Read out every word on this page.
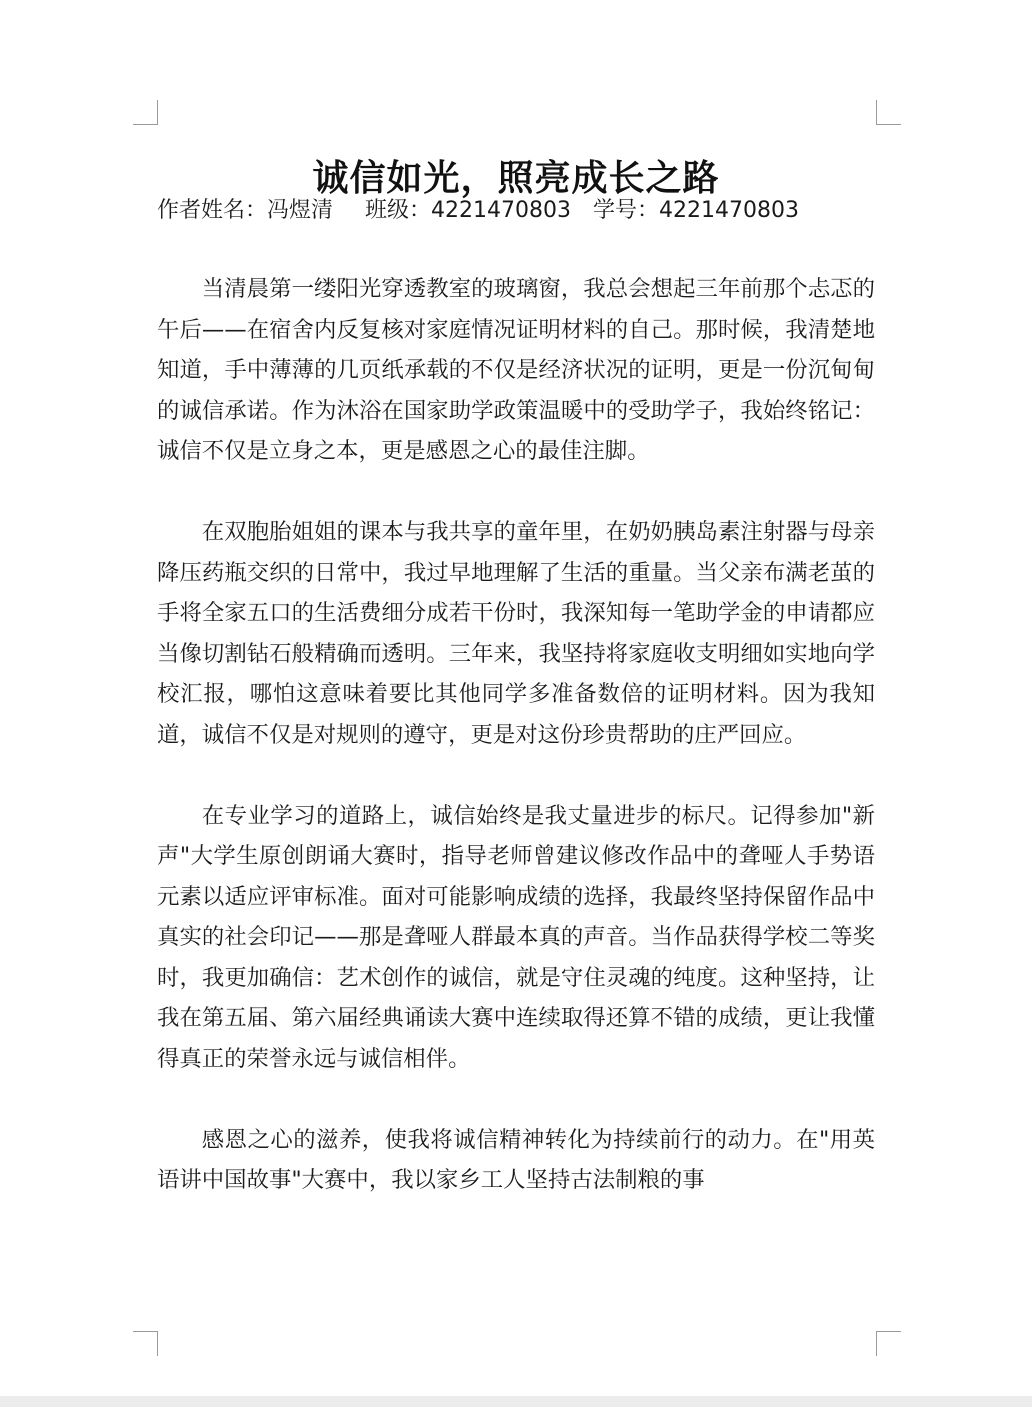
诚信如光，照亮成长之路
作者姓名：冯煜清 班级：4221470803 学号：4221470803

当清晨第一缕阳光穿透教室的玻璃窗，我总会想起三年前那个忐忑的午后——在宿舍内反复核对家庭情况证明材料的自己。那时候，我清楚地知道，手中薄薄的几页纸承载的不仅是经济状况的证明，更是一份沉甸甸的诚信承诺。作为沐浴在国家助学政策温暖中的受助学子，我始终铭记：诚信不仅是立身之本，更是感恩之心的最佳注脚。

在双胞胎姐姐的课本与我共享的童年里，在奶奶胰岛素注射器与母亲降压药瓶交织的日常中，我过早地理解了生活的重量。当父亲布满老茧的手将全家五口的生活费细分成若干份时，我深知每一笔助学金的申请都应当像切割钻石般精确而透明。三年来，我坚持将家庭收支明细如实地向学校汇报，哪怕这意味着要比其他同学多准备数倍的证明材料。因为我知道，诚信不仅是对规则的遵守，更是对这份珍贵帮助的庄严回应。

在专业学习的道路上，诚信始终是我丈量进步的标尺。记得参加"新声"大学生原创朗诵大赛时，指导老师曾建议修改作品中的聋哑人手势语元素以适应评审标准。面对可能影响成绩的选择，我最终坚持保留作品中真实的社会印记——那是聋哑人群最本真的声音。当作品获得学校二等奖时，我更加确信：艺术创作的诚信，就是守住灵魂的纯度。这种坚持，让我在第五届、第六届经典诵读大赛中连续取得还算不错的成绩，更让我懂得真正的荣誉永远与诚信相伴。

感恩之心的滋养，使我将诚信精神转化为持续前行的动力。在"用英语讲中国故事"大赛中，我以家乡工人坚持古法制粮的事
